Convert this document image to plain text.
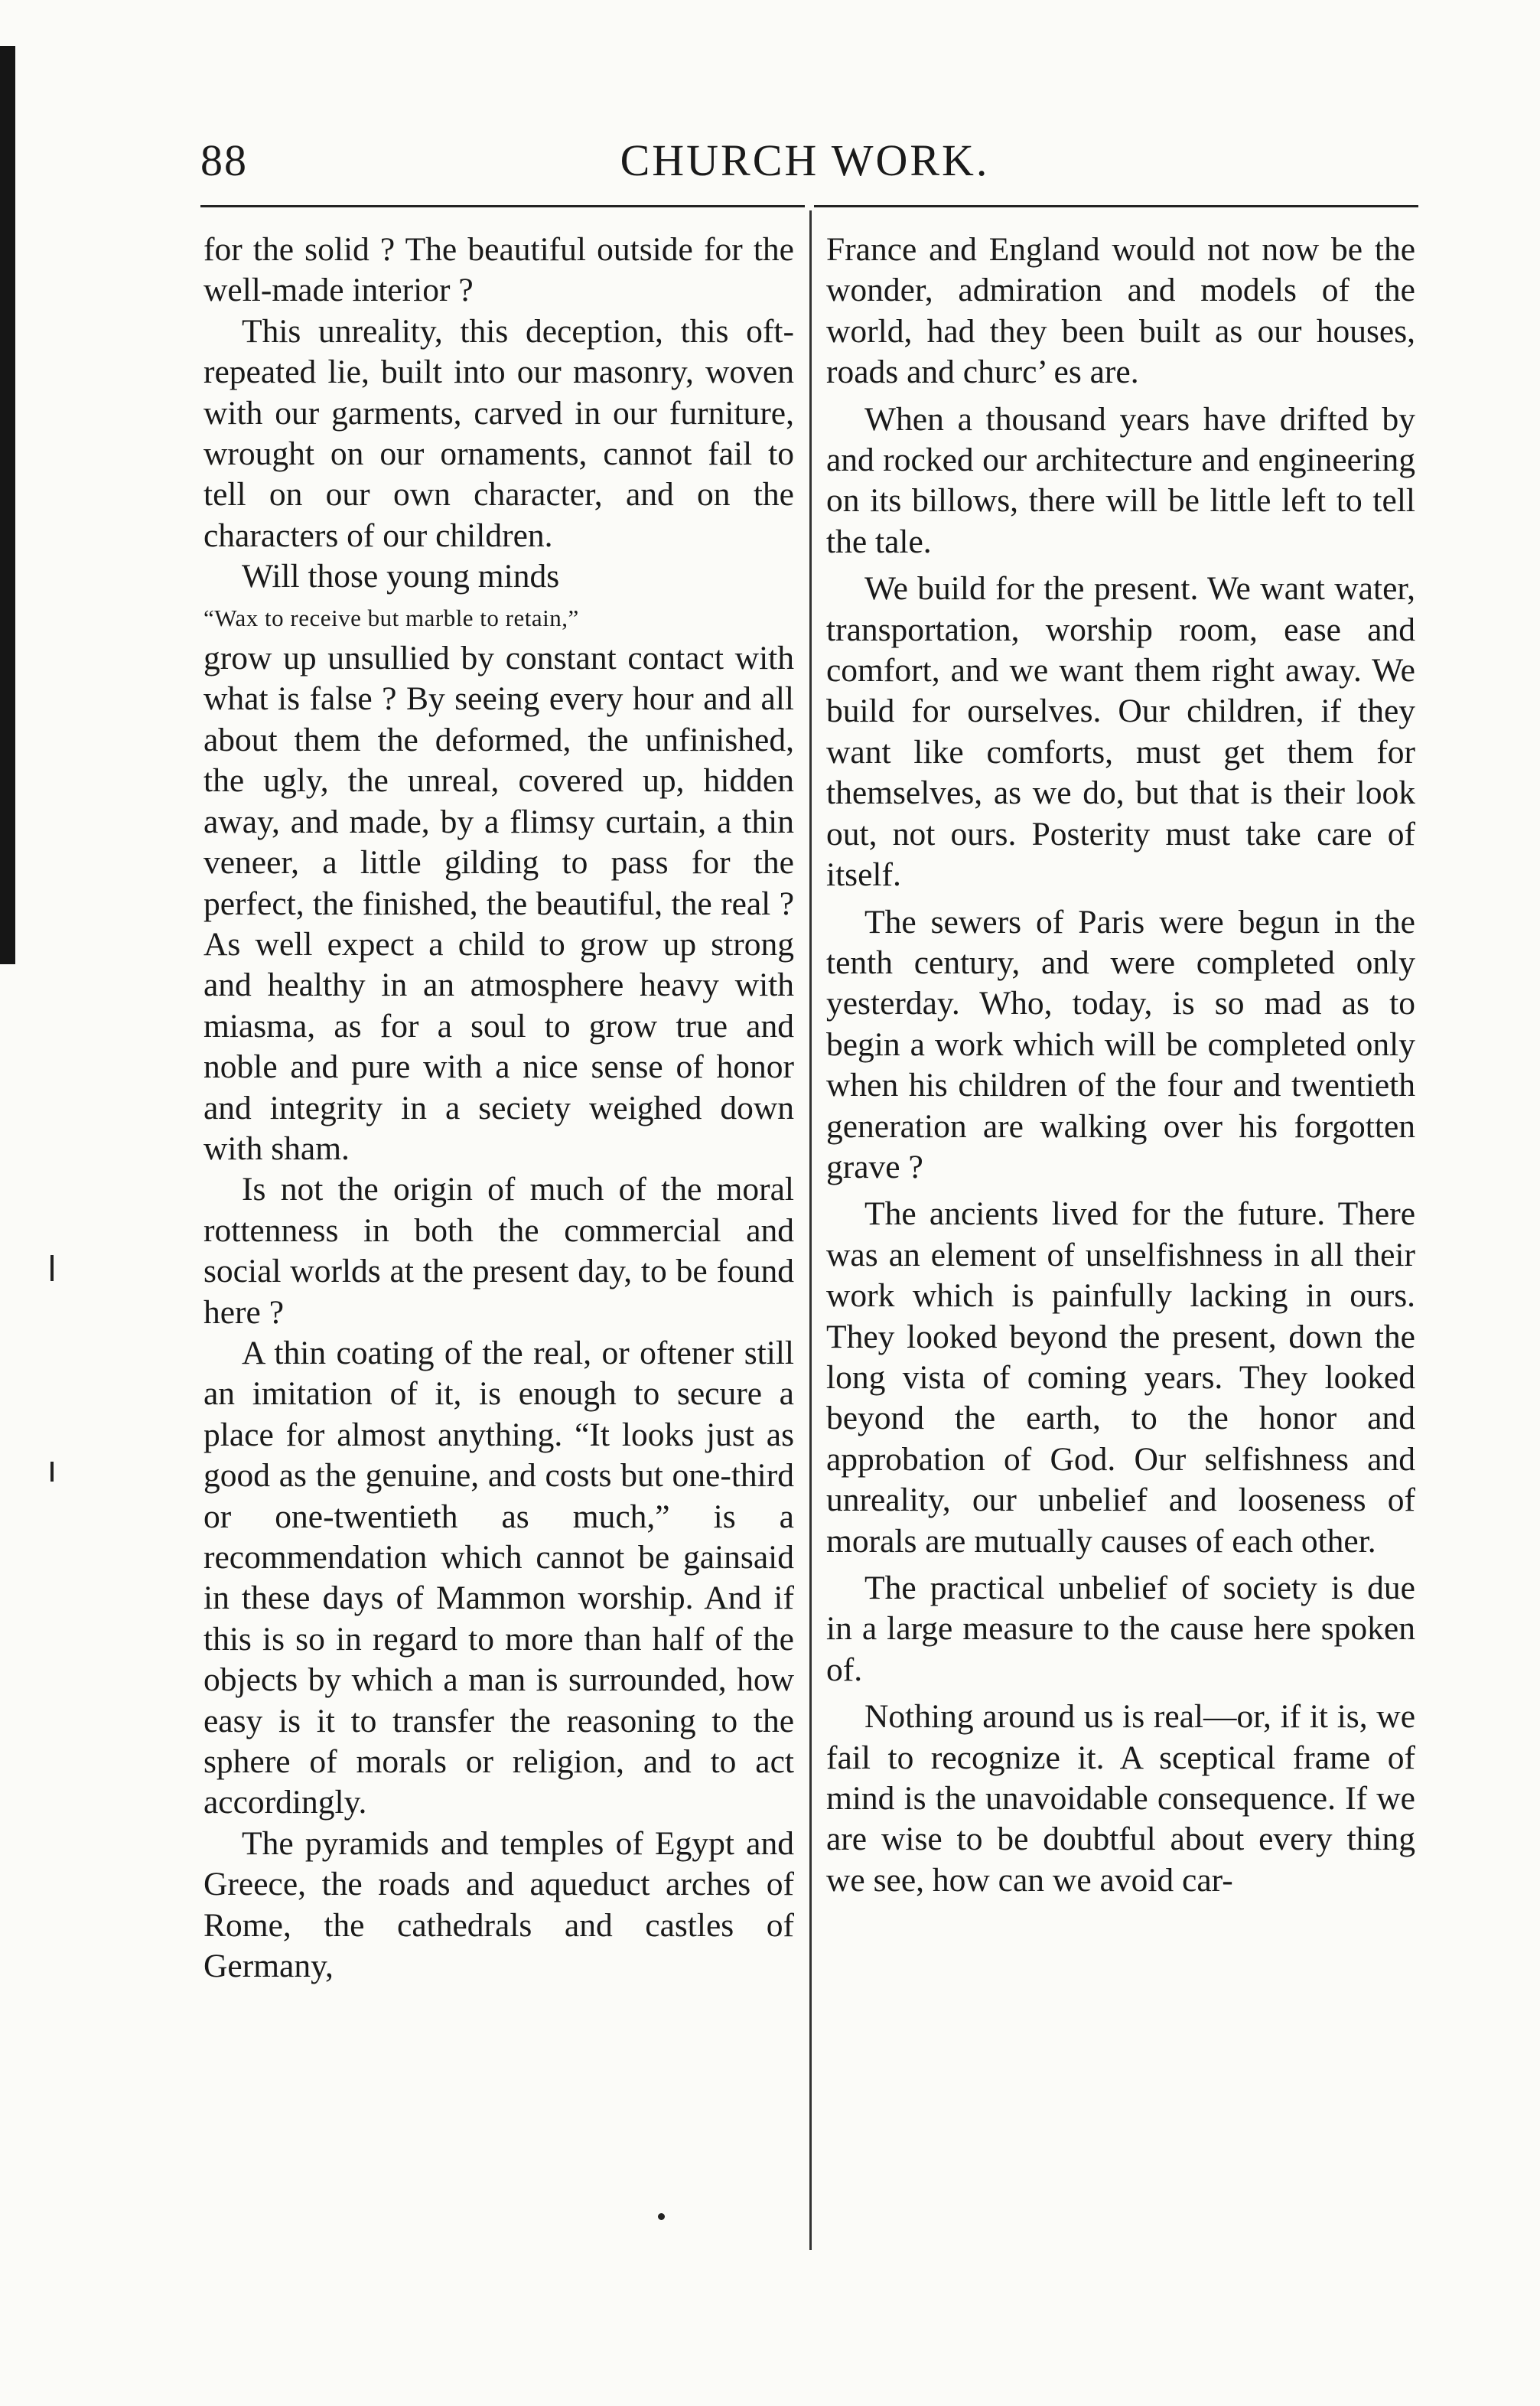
88	CHURCH WORK.

for the solid ? The beautiful outside for the well-made interior ?

This unreality, this deception, this oft-repeated lie, built into our masonry, woven with our garments, carved in our furniture, wrought on our ornaments, cannot fail to tell on our own character, and on the characters of our children.

Will those young minds

“Wax to receive but marble to retain,”

grow up unsullied by constant contact with what is false ? By seeing every hour and all about them the deformed, the unfinished, the ugly, the unreal, covered up, hidden away, and made, by a flimsy curtain, a thin veneer, a little gilding to pass for the perfect, the finished, the beautiful, the real ? As well expect a child to grow up strong and healthy in an atmosphere heavy with miasma, as for a soul to grow true and noble and pure with a nice sense of honor and integrity in a seciety weighed down with sham.

Is not the origin of much of the moral rottenness in both the commercial and social worlds at the present day, to be found here ?

A thin coating of the real, or oftener still an imitation of it, is enough to secure a place for almost anything. “It looks just as good as the genuine, and costs but one-third or one-twentieth as much,” is a recommendation which cannot be gainsaid in these days of Mammon worship. And if this is so in regard to more than half of the objects by which a man is surrounded, how easy is it to transfer the reasoning to the sphere of morals or religion, and to act accordingly.

The pyramids and temples of Egypt and Greece, the roads and aqueduct arches of Rome, the cathedrals and castles of Germany,

France and England would not now be the wonder, admiration and models of the world, had they been built as our houses, roads and churc’ es are.

When a thousand years have drifted by and rocked our architecture and engineering on its billows, there will be little left to tell the tale.

We build for the present. We want water, transportation, worship room, ease and comfort, and we want them right away. We build for ourselves. Our children, if they want like comforts, must get them for themselves, as we do, but that is their look out, not ours. Posterity must take care of itself.

The sewers of Paris were begun in the tenth century, and were completed only yesterday. Who, today, is so mad as to begin a work which will be completed only when his children of the four and twentieth generation are walking over his forgotten grave ?

The ancients lived for the future. There was an element of unselfishness in all their work which is painfully lacking in ours. They looked beyond the present, down the long vista of coming years. They looked beyond the earth, to the honor and approbation of God. Our selfishness and unreality, our unbelief and looseness of morals are mutually causes of each other.

The practical unbelief of society is due in a large measure to the cause here spoken of.

Nothing around us is real—or, if it is, we fail to recognize it. A sceptical frame of mind is the unavoidable consequence. If we are wise to be doubtful about every thing we see, how can we avoid car-
